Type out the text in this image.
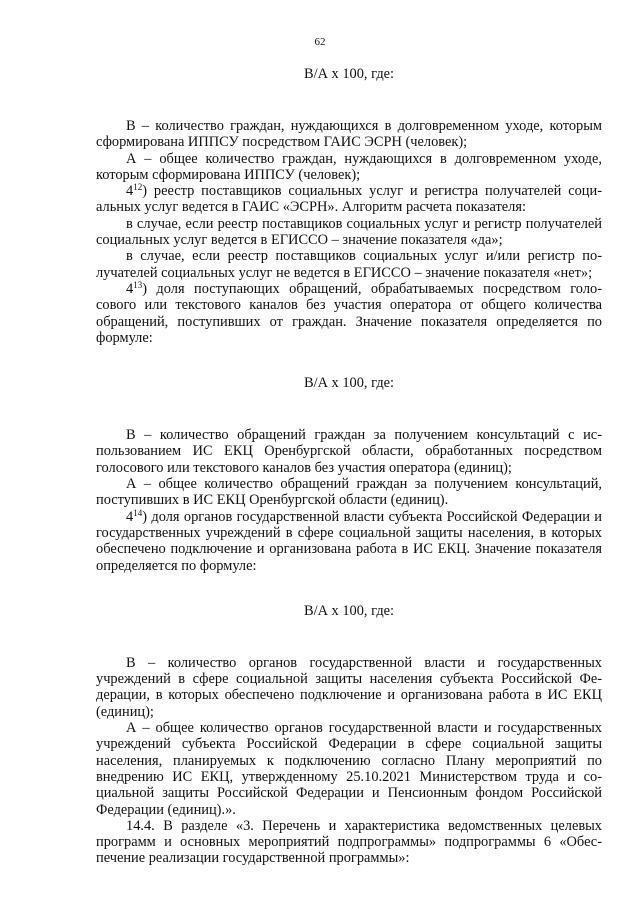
62

В/А х 100, где:

В – количество граждан, нуждающихся в долговременном уходе, которым сформирована ИППСУ посредством ГАИС ЭСРН (человек);

А – общее количество граждан, нуждающихся в долговременном уходе, которым сформирована ИППСУ (человек);

$4^{12}$) реестр поставщиков социальных услуг и регистра получателей социальных услуг ведется в ГАИС «ЭСРН». Алгоритм расчета показателя:

в случае, если реестр поставщиков социальных услуг и регистр получателей социальных услуг ведется в ЕГИССО – значение показателя «да»;

в случае, если реестр поставщиков социальных услуг и/или регистр получателей социальных услуг не ведется в ЕГИССО – значение показателя «нет»;

$4^{13}$) доля поступающих обращений, обрабатываемых посредством голосового или текстового каналов без участия оператора от общего количества обращений, поступивших от граждан. Значение показателя определяется по формуле:

В/А х 100, где:

В – количество обращений граждан за получением консультаций с использованием ИС ЕКЦ Оренбургской области, обработанных посредством голосового или текстового каналов без участия оператора (единиц);

А – общее количество обращений граждан за получением консультаций, поступивших в ИС ЕКЦ Оренбургской области (единиц).

$4^{14}$) доля органов государственной власти субъекта Российской Федерации и государственных учреждений в сфере социальной защиты населения, в которых обеспечено подключение и организована работа в ИС ЕКЦ. Значение показателя определяется по формуле:

В/А х 100, где:

В – количество органов государственной власти и государственных учреждений в сфере социальной защиты населения субъекта Российской Федерации, в которых обеспечено подключение и организована работа в ИС ЕКЦ (единиц);

А – общее количество органов государственной власти и государственных учреждений субъекта Российской Федерации в сфере социальной защиты населения, планируемых к подключению согласно Плану мероприятий по внедрению ИС ЕКЦ, утвержденному 25.10.2021 Министерством труда и социальной защиты Российской Федерации и Пенсионным фондом Российской Федерации (единиц).».

14.4. В разделе «3. Перечень и характеристика ведомственных целевых программ и основных мероприятий подпрограммы» подпрограммы 6 «Обеспечение реализации государственной программы»:
